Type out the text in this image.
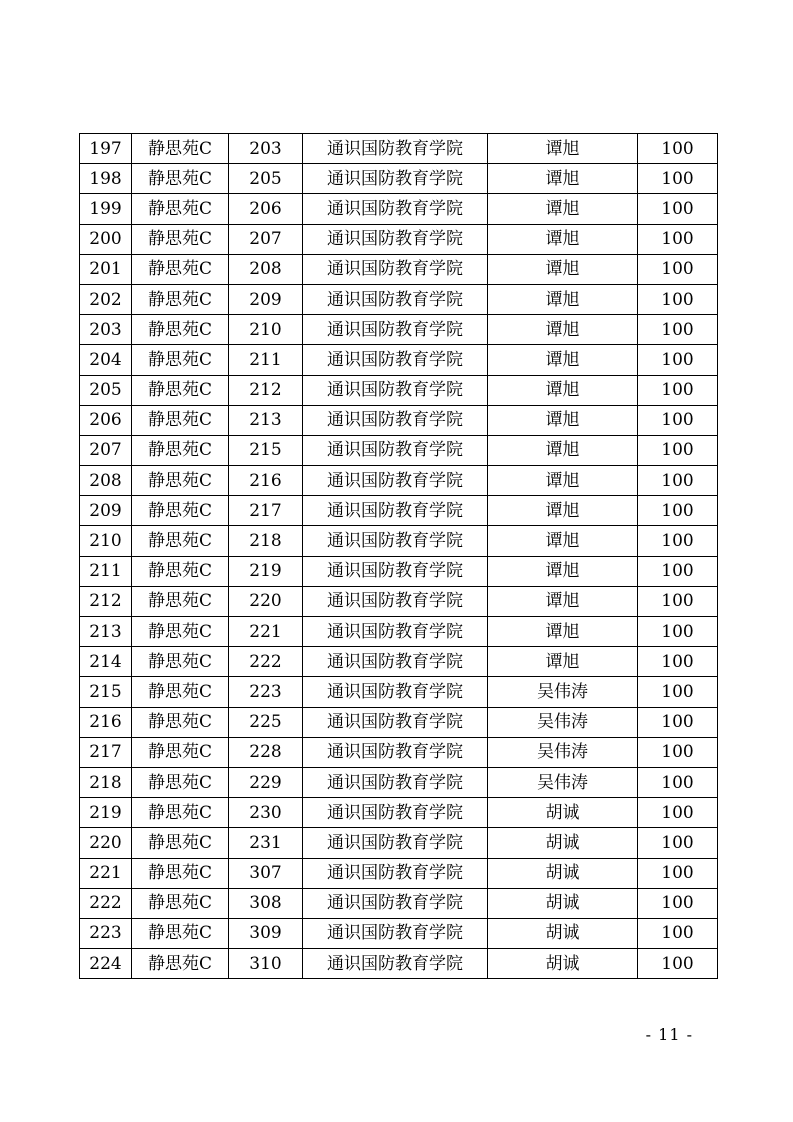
197	静思苑C	203	通识国防教育学院	谭旭	100
198	静思苑C	205	通识国防教育学院	谭旭	100
199	静思苑C	206	通识国防教育学院	谭旭	100
200	静思苑C	207	通识国防教育学院	谭旭	100
201	静思苑C	208	通识国防教育学院	谭旭	100
202	静思苑C	209	通识国防教育学院	谭旭	100
203	静思苑C	210	通识国防教育学院	谭旭	100
204	静思苑C	211	通识国防教育学院	谭旭	100
205	静思苑C	212	通识国防教育学院	谭旭	100
206	静思苑C	213	通识国防教育学院	谭旭	100
207	静思苑C	215	通识国防教育学院	谭旭	100
208	静思苑C	216	通识国防教育学院	谭旭	100
209	静思苑C	217	通识国防教育学院	谭旭	100
210	静思苑C	218	通识国防教育学院	谭旭	100
211	静思苑C	219	通识国防教育学院	谭旭	100
212	静思苑C	220	通识国防教育学院	谭旭	100
213	静思苑C	221	通识国防教育学院	谭旭	100
214	静思苑C	222	通识国防教育学院	谭旭	100
215	静思苑C	223	通识国防教育学院	吴伟涛	100
216	静思苑C	225	通识国防教育学院	吴伟涛	100
217	静思苑C	228	通识国防教育学院	吴伟涛	100
218	静思苑C	229	通识国防教育学院	吴伟涛	100
219	静思苑C	230	通识国防教育学院	胡诚	100
220	静思苑C	231	通识国防教育学院	胡诚	100
221	静思苑C	307	通识国防教育学院	胡诚	100
222	静思苑C	308	通识国防教育学院	胡诚	100
223	静思苑C	309	通识国防教育学院	胡诚	100
224	静思苑C	310	通识国防教育学院	胡诚	100
- 11 -
